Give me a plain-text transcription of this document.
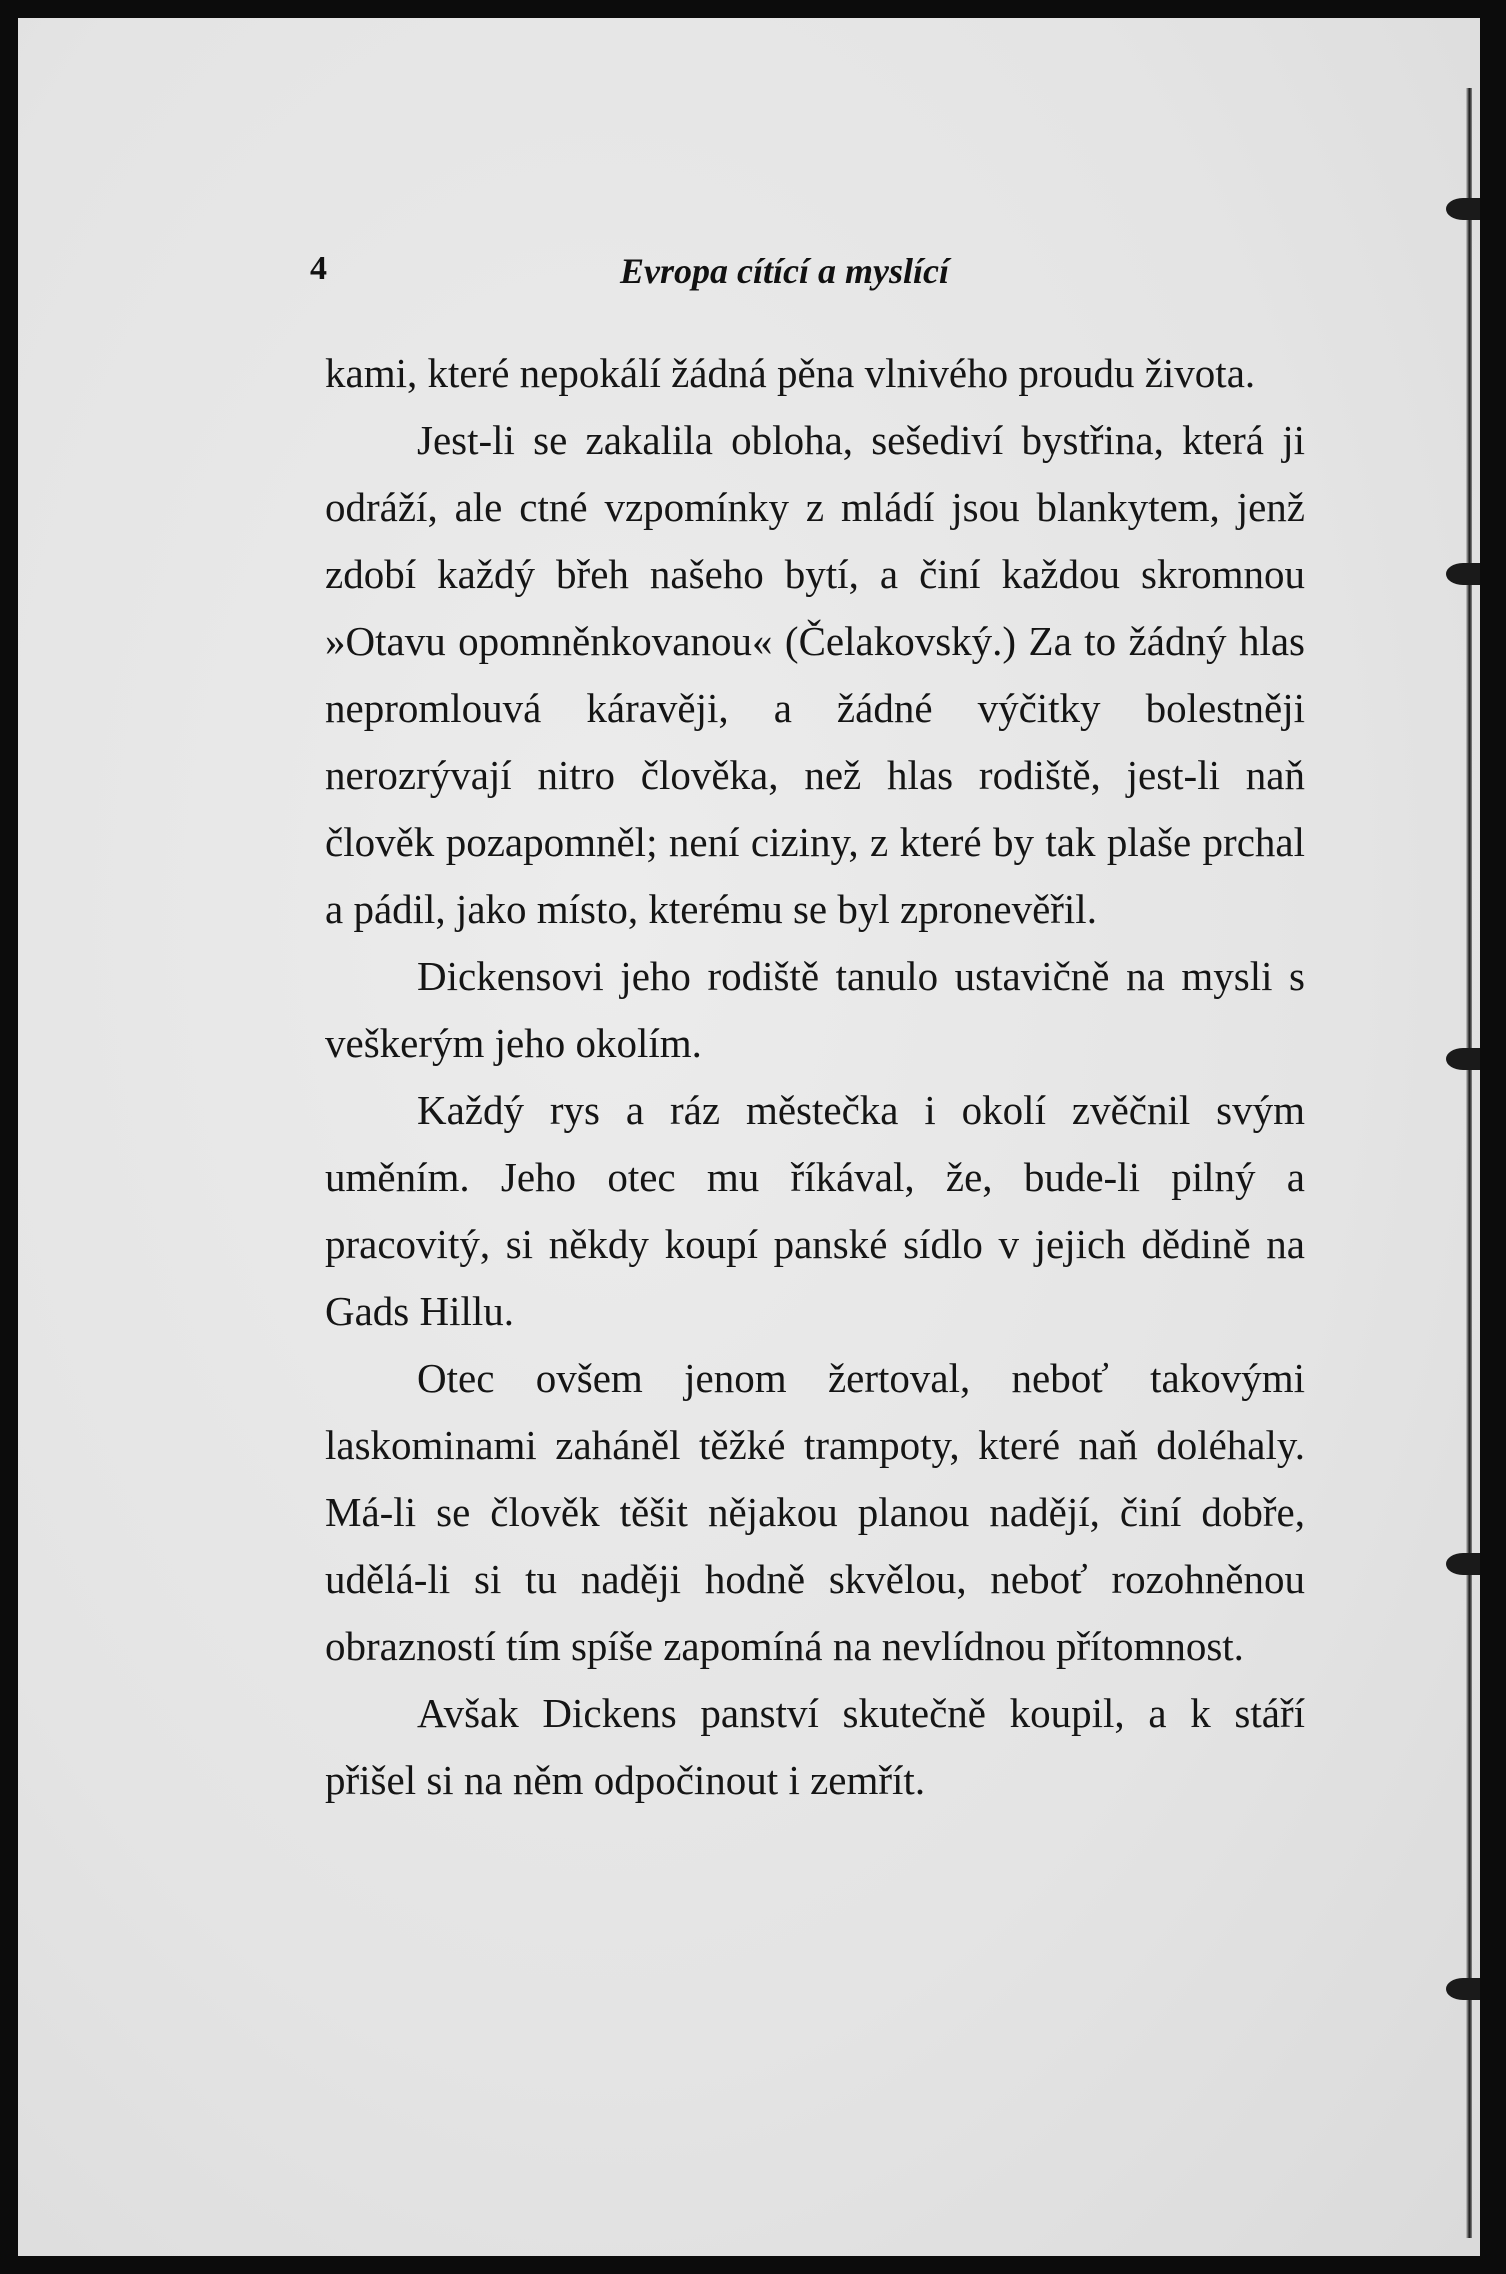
4	Evropa cítící a myslící

kami, které nepokálí žádná pěna vlnivého proudu života.

Jest-li se zakalila obloha, sešediví bystřina, která ji odráží, ale ctné vzpomínky z mládí jsou blankytem, jenž zdobí každý břeh našeho bytí, a činí každou skromnou »Otavu opomněnkovanou« (Čelakovský.) Za to žádný hlas nepromlouvá káravěji, a žádné výčitky bolestněji nerozrývají nitro člověka, než hlas rodiště, jest-li naň člověk pozapomněl; není ciziny, z které by tak plaše prchal a pádil, jako místo, kterému se byl zpronevěřil.

Dickensovi jeho rodiště tanulo ustavičně na mysli s veškerým jeho okolím.

Každý rys a ráz městečka i okolí zvěčnil svým uměním. Jeho otec mu říkával, že, bude-li pilný a pracovitý, si někdy koupí panské sídlo v jejich dědině na Gads Hillu.

Otec ovšem jenom žertoval, neboť takovými laskominami zaháněl těžké trampoty, které naň doléhaly. Má-li se člověk těšit nějakou planou nadějí, činí dobře, udělá-li si tu naději hodně skvělou, neboť rozohněnou obrazností tím spíše zapomíná na nevlídnou přítomnost.

Avšak Dickens panství skutečně koupil, a k stáří přišel si na něm odpočinout i zemřít.
